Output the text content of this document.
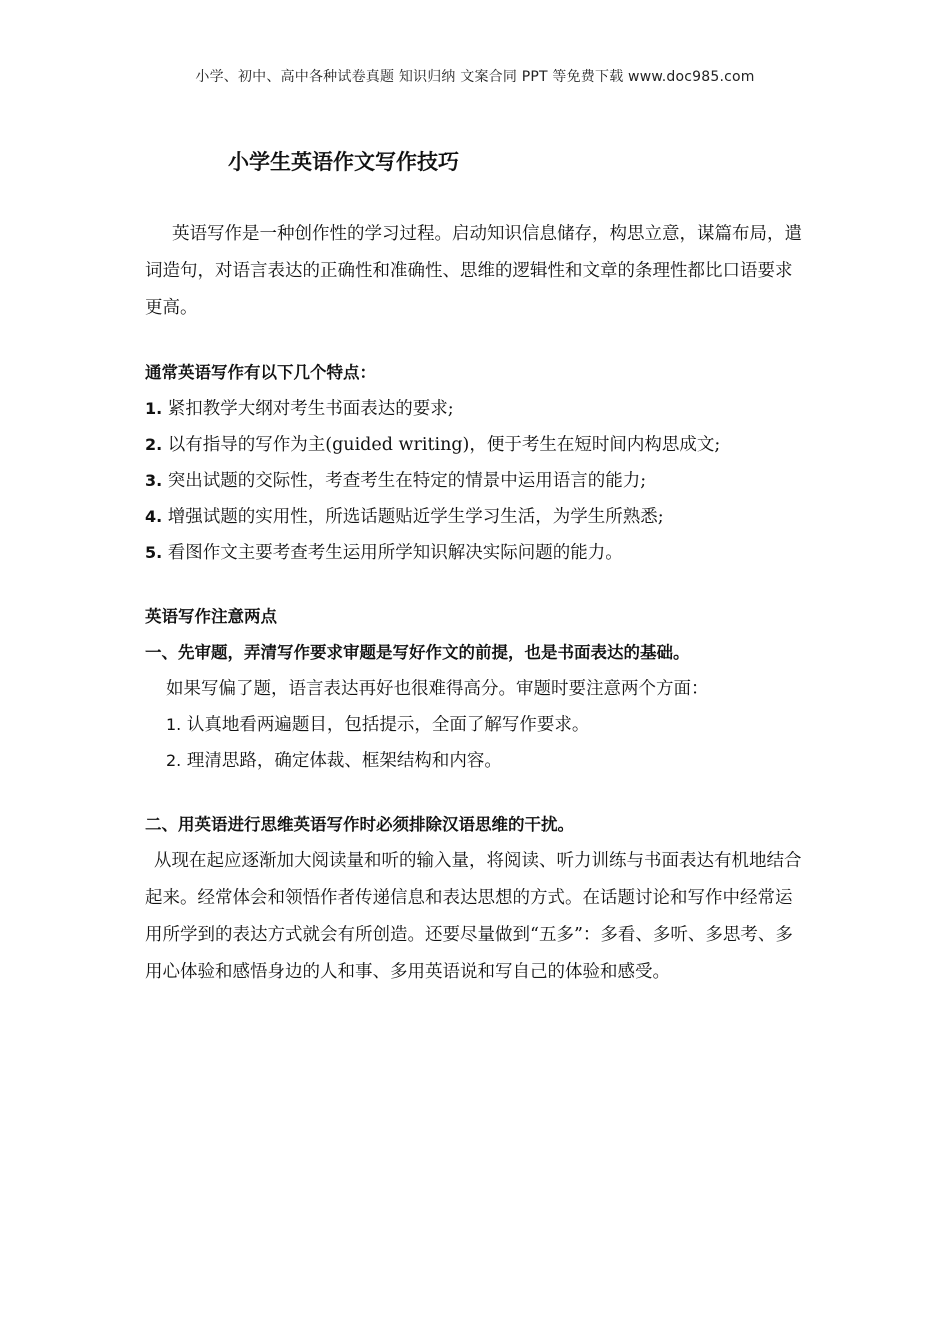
小学、初中、高中各种试卷真题 知识归纳 文案合同 PPT 等免费下载 www.doc985.com
小学生英语作文写作技巧

英语写作是一种创作性的学习过程。启动知识信息储存，构思立意，谋篇布局，遣词造句，对语言表达的正确性和准确性、思维的逻辑性和文章的条理性都比口语要求更高。

通常英语写作有以下几个特点：

1. 紧扣教学大纲对考生书面表达的要求;

2. 以有指导的写作为主(guided writing)，便于考生在短时间内构思成文;

3. 突出试题的交际性，考查考生在特定的情景中运用语言的能力;

4. 增强试题的实用性，所选话题贴近学生学习生活，为学生所熟悉;

5. 看图作文主要考查考生运用所学知识解决实际问题的能力。

英语写作注意两点

一、先审题，弄清写作要求审题是写好作文的前提，也是书面表达的基础。

如果写偏了题，语言表达再好也很难得高分。审题时要注意两个方面：

1. 认真地看两遍题目，包括提示，全面了解写作要求。

2. 理清思路，确定体裁、框架结构和内容。

二、用英语进行思维英语写作时必须排除汉语思维的干扰。

从现在起应逐渐加大阅读量和听的输入量，将阅读、听力训练与书面表达有机地结合起来。经常体会和领悟作者传递信息和表达思想的方式。在话题讨论和写作中经常运用所学到的表达方式就会有所创造。还要尽量做到“五多”：多看、多听、多思考、多用心体验和感悟身边的人和事、多用英语说和写自己的体验和感受。
